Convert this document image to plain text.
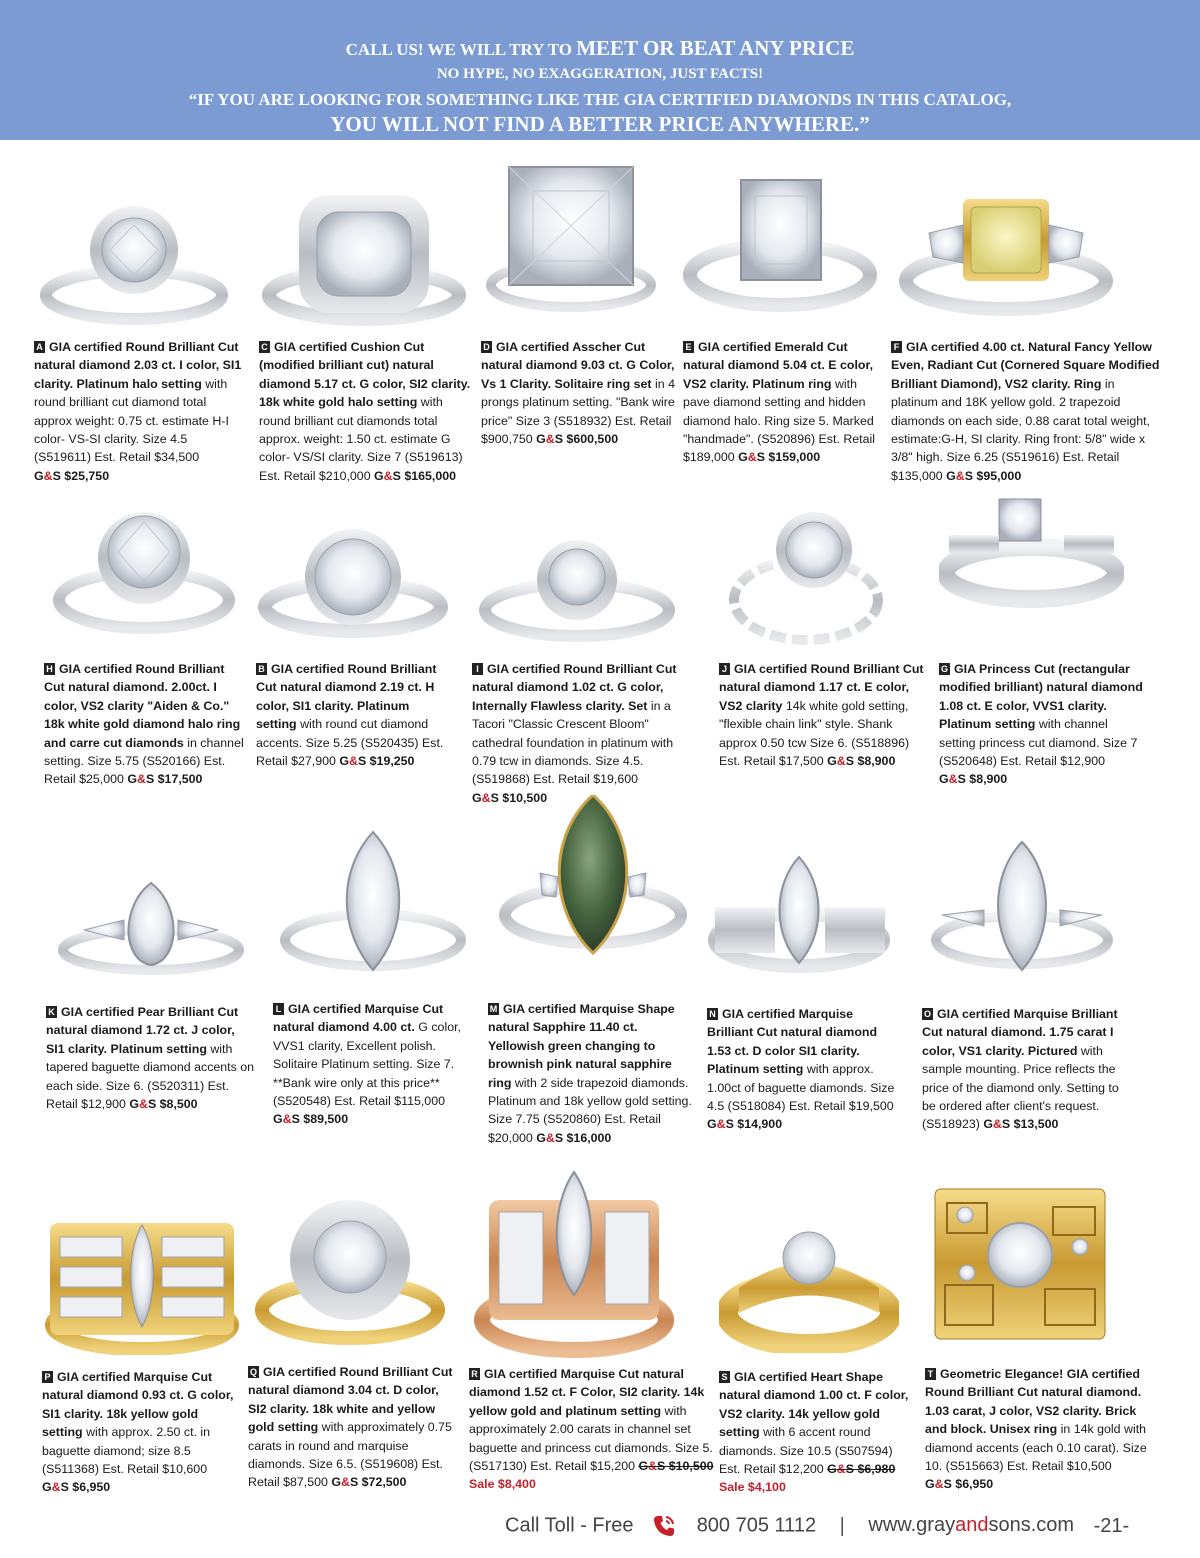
CALL US! WE WILL TRY TO MEET OR BEAT ANY PRICE
NO HYPE, NO EXAGGERATION, JUST FACTS!
“IF YOU ARE LOOKING FOR SOMETHING LIKE THE GIA CERTIFIED DIAMONDS IN THIS CATALOG,
YOU WILL NOT FIND A BETTER PRICE ANYWHERE.”
A GIA certified Round Brilliant Cut natural diamond 2.03 ct. I color, SI1 clarity. Platinum halo setting with round brilliant cut diamond total approx weight: 0.75 ct. estimate H-I color- VS-SI clarity. Size 4.5 (S519611) Est. Retail $34,500 G&S $25,750
C GIA certified Cushion Cut (modified brilliant cut) natural diamond 5.17 ct. G color, SI2 clarity. 18k white gold halo setting with round brilliant cut diamonds total approx. weight: 1.50 ct. estimate G color- VS/SI clarity. Size 7 (S519613) Est. Retail $210,000 G&S $165,000
D GIA certified Asscher Cut natural diamond 9.03 ct. G Color, Vs 1 Clarity. Solitaire ring set in 4 prongs platinum setting. "Bank wire price" Size 3 (S518932) Est. Retail $900,750 G&S $600,500
E GIA certified Emerald Cut natural diamond 5.04 ct. E color, VS2 clarity. Platinum ring with pave diamond setting and hidden diamond halo. Ring size 5. Marked "handmade". (S520896) Est. Retail $189,000 G&S $159,000
F GIA certified 4.00 ct. Natural Fancy Yellow Even, Radiant Cut (Cornered Square Modified Brilliant Diamond), VS2 clarity. Ring in platinum and 18K yellow gold. 2 trapezoid diamonds on each side, 0.88 carat total weight, estimate:G-H, SI clarity. Ring front: 5/8" wide x 3/8" high. Size 6.25 (S519616) Est. Retail $135,000 G&S $95,000
H GIA certified Round Brilliant Cut natural diamond. 2.00ct. I color, VS2 clarity "Aiden & Co." 18k white gold diamond halo ring and carre cut diamonds in channel setting. Size 5.75 (S520166) Est. Retail $25,000 G&S $17,500
B GIA certified Round Brilliant Cut natural diamond 2.19 ct. H color, SI1 clarity. Platinum setting with round cut diamond accents. Size 5.25 (S520435) Est. Retail $27,900 G&S $19,250
I GIA certified Round Brilliant Cut natural diamond 1.02 ct. G color, Internally Flawless clarity. Set in a Tacori "Classic Crescent Bloom" cathedral foundation in platinum with 0.79 tcw in diamonds. Size 4.5. (S519868) Est. Retail $19,600 G&S $10,500
J GIA certified Round Brilliant Cut natural diamond 1.17 ct. E color, VS2 clarity 14k white gold setting, "flexible chain link" style. Shank approx 0.50 tcw Size 6. (S518896) Est. Retail $17,500 G&S $8,900
G GIA Princess Cut (rectangular modified brilliant) natural diamond 1.08 ct. E color, VVS1 clarity. Platinum setting with channel setting princess cut diamond. Size 7 (S520648) Est. Retail $12,900 G&S $8,900
K GIA certified Pear Brilliant Cut natural diamond 1.72 ct. J color, SI1 clarity. Platinum setting with tapered baguette diamond accents on each side. Size 6. (S520311) Est. Retail $12,900 G&S $8,500
L GIA certified Marquise Cut natural diamond 4.00 ct. G color, VVS1 clarity, Excellent polish. Solitaire Platinum setting. Size 7. **Bank wire only at this price** (S520548) Est. Retail $115,000 G&S $89,500
M GIA certified Marquise Shape natural Sapphire 11.40 ct. Yellowish green changing to brownish pink natural sapphire ring with 2 side trapezoid diamonds. Platinum and 18k yellow gold setting. Size 7.75 (S520860) Est. Retail $20,000 G&S $16,000
N GIA certified Marquise Brilliant Cut natural diamond 1.53 ct. D color SI1 clarity. Platinum setting with approx. 1.00ct of baguette diamonds. Size 4.5 (S518084) Est. Retail $19,500 G&S $14,900
O GIA certified Marquise Brilliant Cut natural diamond. 1.75 carat I color, VS1 clarity. Pictured with sample mounting. Price reflects the price of the diamond only. Setting to be ordered after client's request. (S518923) G&S $13,500
P GIA certified Marquise Cut natural diamond 0.93 ct. G color, SI1 clarity. 18k yellow gold setting with approx. 2.50 ct. in baguette diamond; size 8.5 (S511368) Est. Retail $10,600 G&S $6,950
Q GIA certified Round Brilliant Cut natural diamond 3.04 ct. D color, SI2 clarity. 18k white and yellow gold setting with approximately 0.75 carats in round and marquise diamonds. Size 6.5. (S519608) Est. Retail $87,500 G&S $72,500
R GIA certified Marquise Cut natural diamond 1.52 ct. F Color, SI2 clarity. 14k yellow gold and platinum setting with approximately 2.00 carats in channel set baguette and princess cut diamonds. Size 5. (S517130) Est. Retail $15,200 G&S $10,500 Sale $8,400
S GIA certified Heart Shape natural diamond 1.00 ct. F color, VS2 clarity. 14k yellow gold setting with 6 accent round diamonds. Size 10.5 (S507594) Est. Retail $12,200 G&S $6,980 Sale $4,100
T Geometric Elegance! GIA certified Round Brilliant Cut natural diamond. 1.03 carat, J color, VS2 clarity. Brick and block. Unisex ring in 14k gold with diamond accents (each 0.10 carat). Size 10. (S515663) Est. Retail $10,500 G&S $6,950
Call Toll - Free	800 705 1112 | www.grayandsons.com -21-
